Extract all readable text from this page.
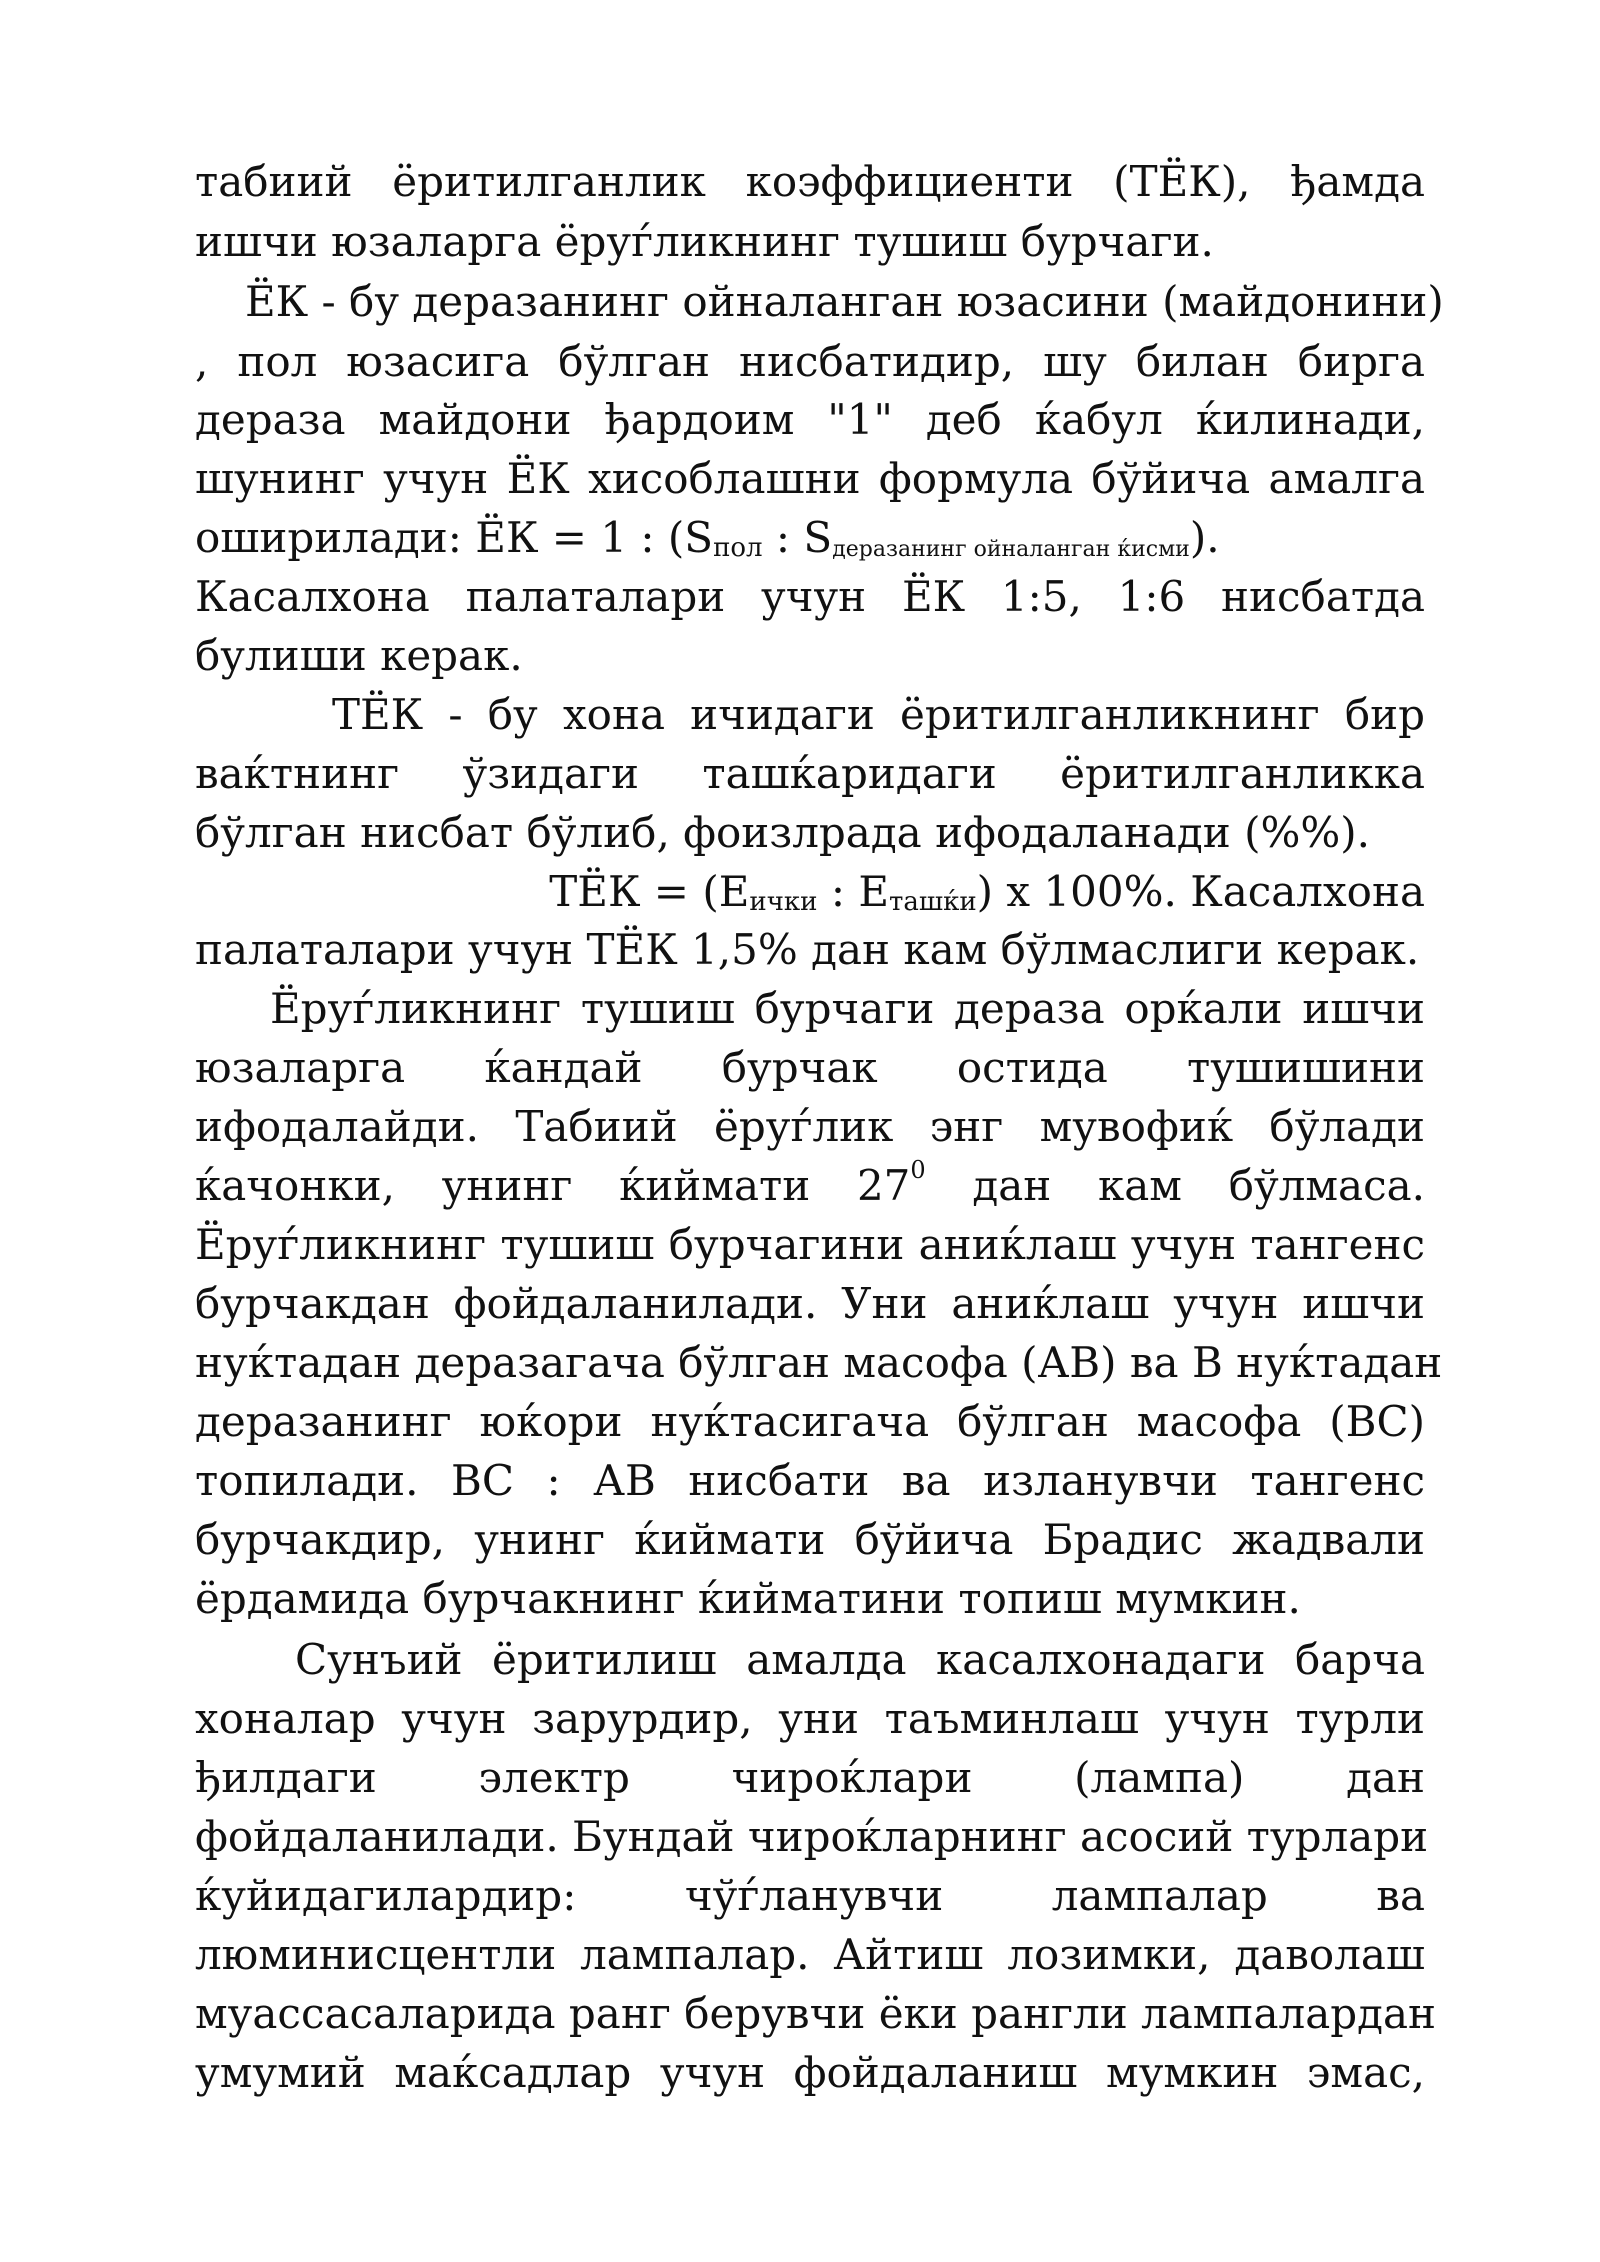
табиий ёритилганлик коэффициенти (ТЁК), ђамда
ишчи юзаларга ёруѓликнинг тушиш бурчаги.
ЁК - бу деразанинг ойналанган юзасини (майдонини)
, пол юзасига бўлган нисбатидир, шу билан бирга
дераза майдони ђардоим "1" деб ќабул ќилинади,
шунинг учун ЁК хисоблашни формула бўйича амалга
оширилади: ЁК = 1 : ($S_{пол}$ : $S_{деразанинг ойналанган ќисми}$).
Касалхона палаталари учун ЁК 1:5, 1:6 нисбатда
булиши керак.
ТЁК - бу хона ичидаги ёритилганликнинг бир
ваќтнинг ўзидаги ташќаридаги ёритилганликка
бўлган нисбат бўлиб, фоизлрада ифодаланади (%%).
ТЁК = ($E_{ички}$ : $E_{ташќи}$) x 100%. Касалхона
палаталари учун ТЁК 1,5% дан кам бўлмаслиги керак.
Ёруѓликнинг тушиш бурчаги дераза орќали ишчи
юзаларга ќандай бурчак остида тушишини
ифодалайди. Табиий ёруѓлик энг мувофиќ бўлади
ќачонки, унинг ќиймати $27^0$ дан кам бўлмаса.
Ёруѓликнинг тушиш бурчагини аниќлаш учун тангенс
бурчакдан фойдаланилади. Уни аниќлаш учун ишчи
нуќтадан деразагача бўлган масофа (АВ) ва В нуќтадан
деразанинг юќори нуќтасигача бўлган масофа (ВС)
топилади. ВС : АВ нисбати ва изланувчи тангенс
бурчакдир, унинг ќиймати бўйича Брадис жадвали
ёрдамида бурчакнинг ќийматини топиш мумкин.
Сунъий ёритилиш амалда касалхонадаги барча
хоналар учун зарурдир, уни таъминлаш учун турли
ђилдаги электр чироќлари (лампа) дан
фойдаланилади. Бундай чироќларнинг асосий турлари
ќуйидагилардир: чўѓланувчи лампалар ва
люминисцентли лампалар. Айтиш лозимки, даволаш
муассасаларида ранг берувчи ёки рангли лампалардан
умумий маќсадлар учун фойдаланиш мумкин эмас,
